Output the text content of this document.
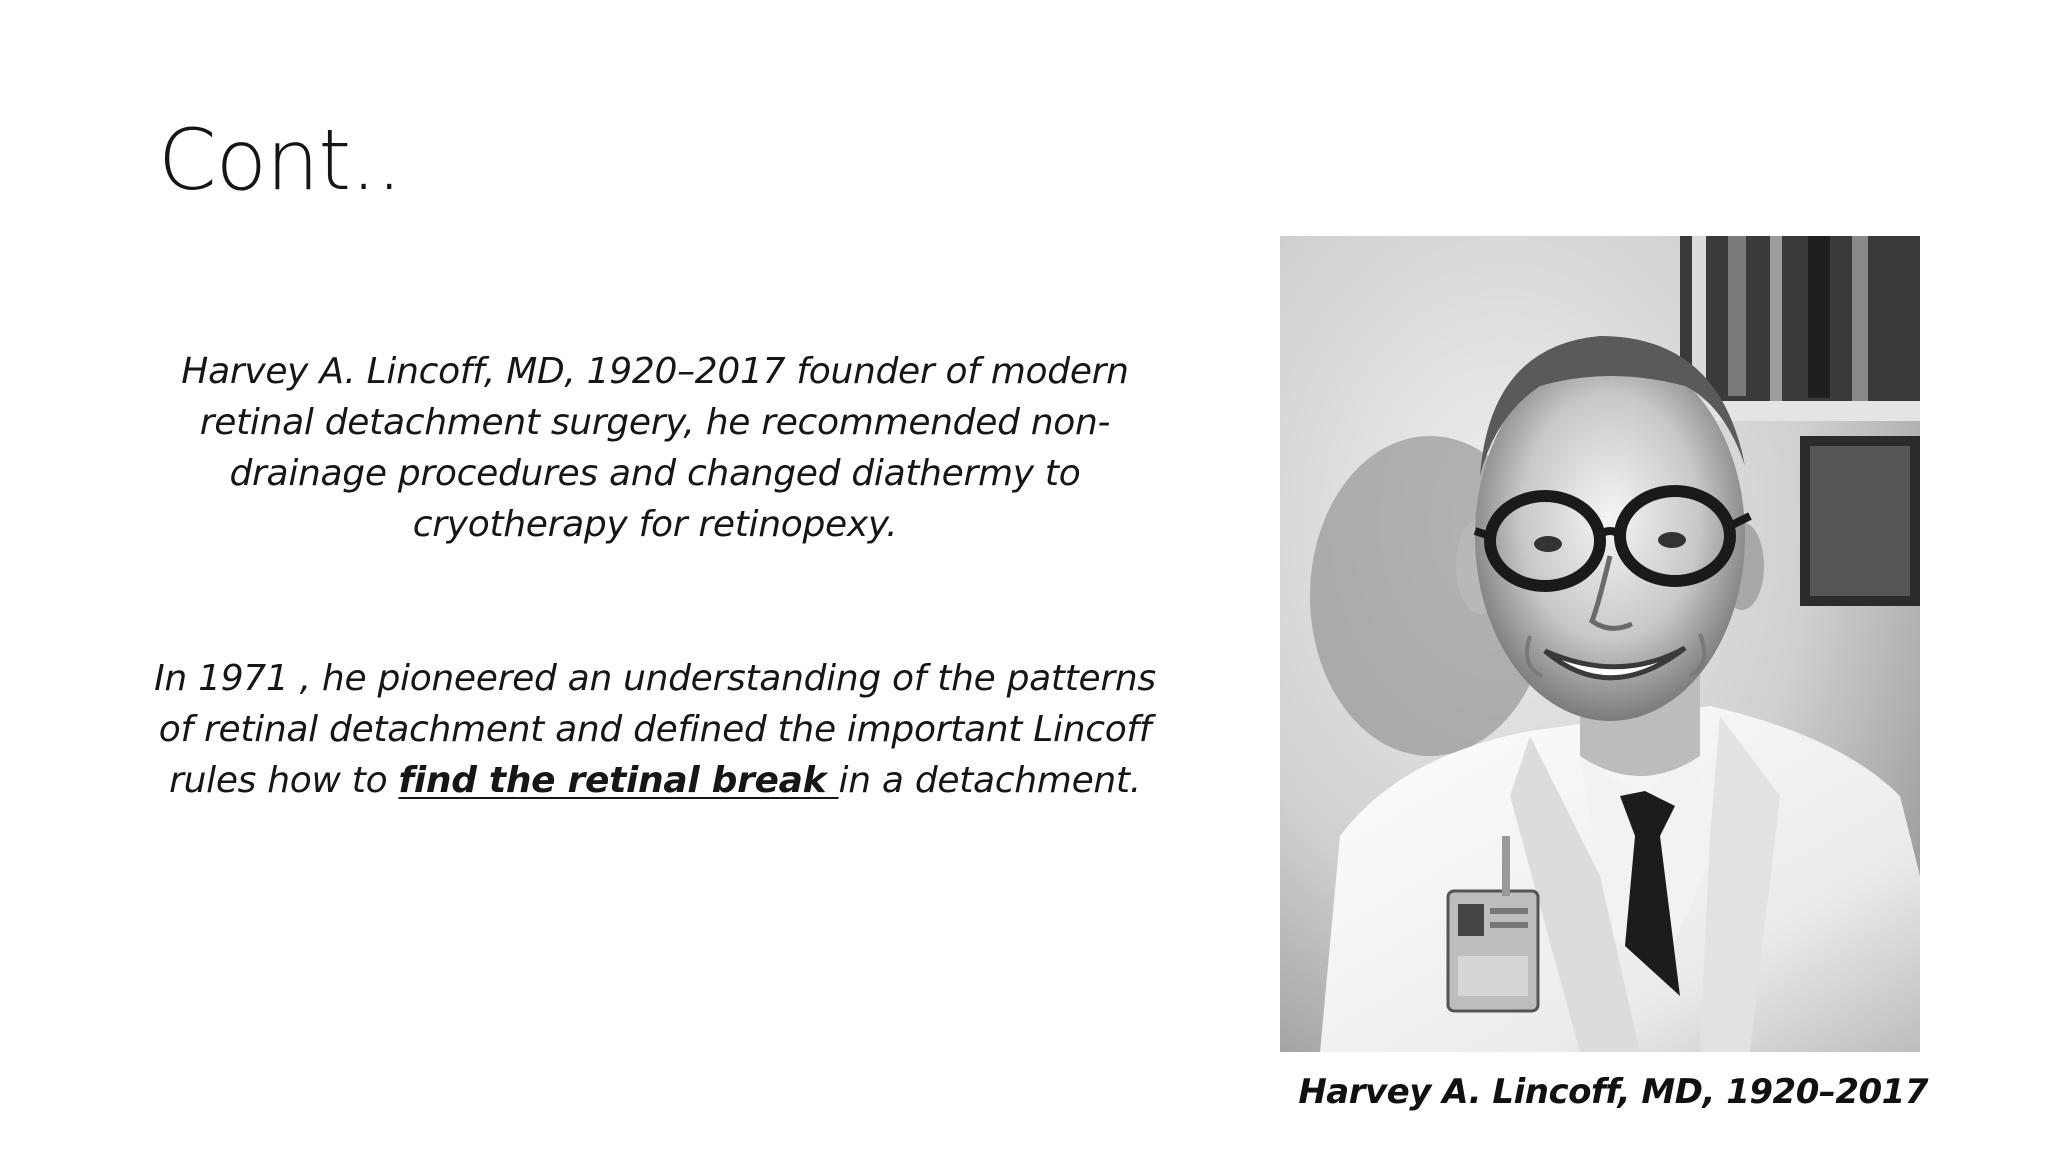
Cont..
Harvey A. Lincoff, MD, 1920–2017 founder of modern retinal detachment surgery, he recommended non-drainage procedures and changed diathermy to cryotherapy for retinopexy.
In 1971 , he pioneered an understanding of the patterns of retinal detachment and defined the important Lincoff rules how to find the retinal break in a detachment.
Harvey A. Lincoff, MD, 1920–2017
